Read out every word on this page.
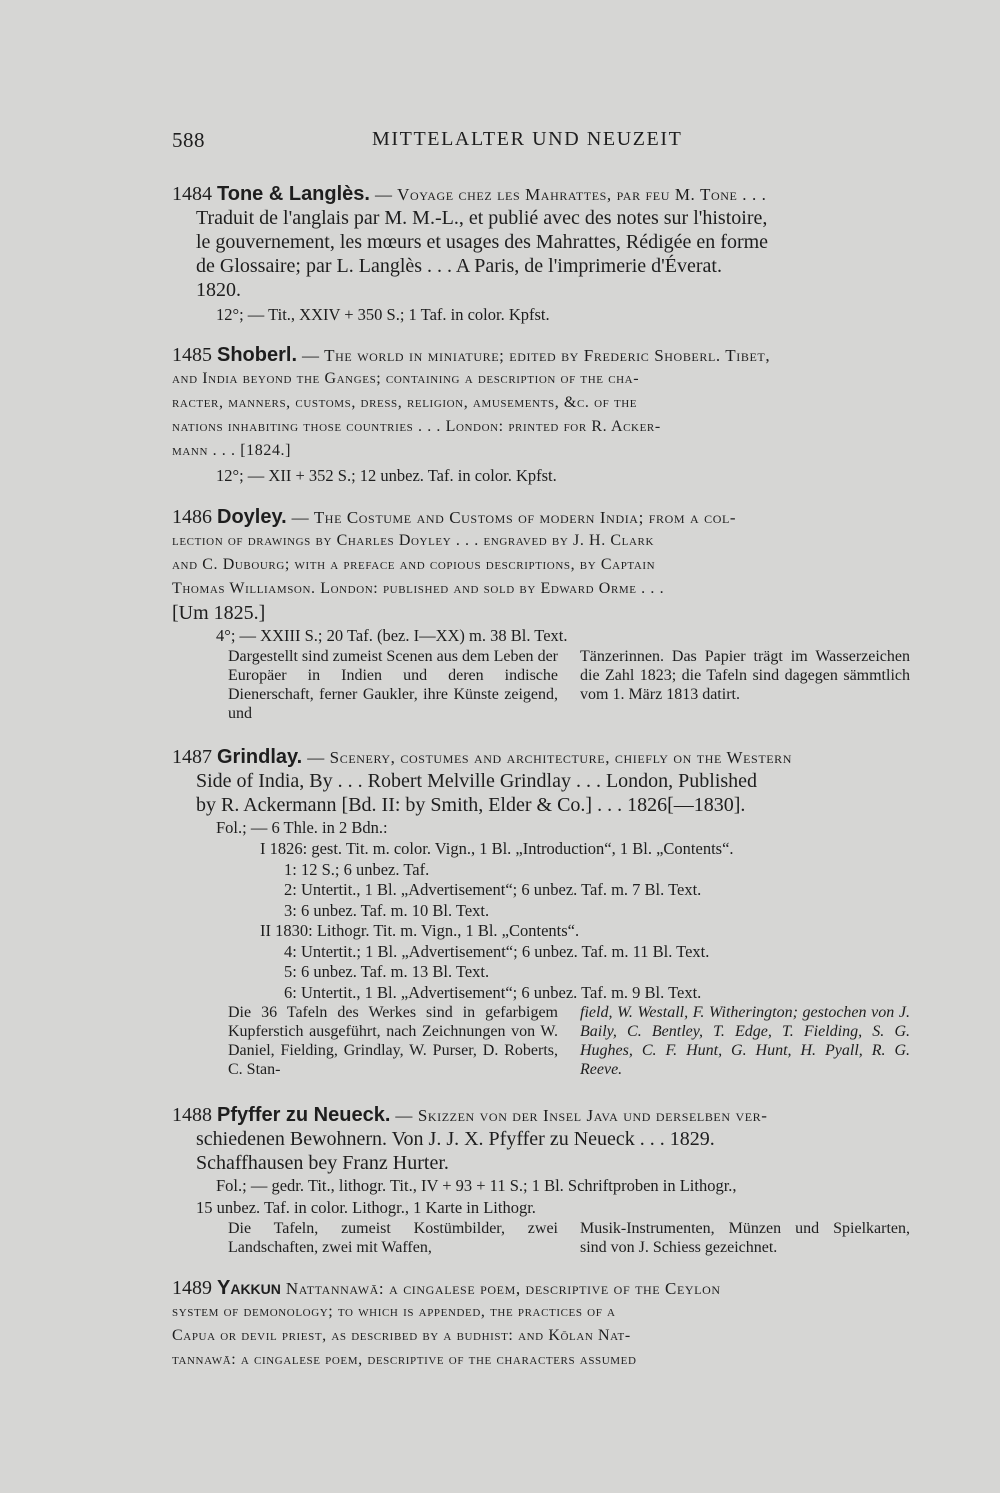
588	MITTELALTER UND NEUZEIT
1484 Tone & Langlès. — Voyage chez les Mahrattes, par feu M. Tone . . .
Traduit de l'anglais par M. M.-L., et publié avec des notes sur l'histoire,
le gouvernement, les mœurs et usages des Mahrattes, Rédigée en forme
de Glossaire; par L. Langlès . . . A Paris, de l'imprimerie d'Éverat.
1820.
12°; — Tit., XXIV + 350 S.; 1 Taf. in color. Kpfst.
1485 Shoberl. — The world in miniature; edited by Frederic Shoberl. Tibet,
and India beyond the Ganges; containing a description of the cha-
racter, manners, customs, dress, religion, amusements, &c. of the
nations inhabiting those countries . . . London: printed for R. Acker-
mann . . . [1824.]
12°; — XII + 352 S.; 12 unbez. Taf. in color. Kpfst.
1486 Doyley. — The Costume and Customs of modern India; from a col-
lection of drawings by Charles Doyley . . . engraved by J. H. Clark
and C. Dubourg; with a preface and copious descriptions, by Captain
Thomas Williamson. London: published and sold by Edward Orme . . .
[Um 1825.]
4°; — XXIII S.; 20 Taf. (bez. I—XX) m. 38 Bl. Text.

Dargestellt sind zumeist Scenen aus dem Leben der Europäer in Indien und deren indische Dienerschaft, ferner Gaukler, ihre Künste zeigend, und

Tänzerinnen. Das Papier trägt im Wasserzeichen die Zahl 1823; die Tafeln sind dagegen sämmtlich vom 1. März 1813 datirt.

1487 Grindlay. — Scenery, costumes and architecture, chiefly on the Western
Side of India, By . . . Robert Melville Grindlay . . . London, Published
by R. Ackermann [Bd. II: by Smith, Elder & Co.] . . . 1826[—1830].
Fol.; — 6 Thle. in 2 Bdn.:
I 1826: gest. Tit. m. color. Vign., 1 Bl. „Introduction“, 1 Bl. „Contents“.
1: 12 S.; 6 unbez. Taf.
2: Untertit., 1 Bl. „Advertisement“; 6 unbez. Taf. m. 7 Bl. Text.
3: 6 unbez. Taf. m. 10 Bl. Text.
II 1830: Lithogr. Tit. m. Vign., 1 Bl. „Contents“.
4: Untertit.; 1 Bl. „Advertisement“; 6 unbez. Taf. m. 11 Bl. Text.
5: 6 unbez. Taf. m. 13 Bl. Text.
6: Untertit., 1 Bl. „Advertisement“; 6 unbez. Taf. m. 9 Bl. Text.

Die 36 Tafeln des Werkes sind in gefarbigem Kupferstich ausgeführt, nach Zeichnungen von W. Daniel, Fielding, Grindlay, W. Purser, D. Roberts, C. Stan-

field, W. Westall, F. Witherington; gestochen von J. Baily, C. Bentley, T. Edge, T. Fielding, S. G. Hughes, C. F. Hunt, G. Hunt, H. Pyall, R. G. Reeve.

1488 Pfyffer zu Neueck. — Skizzen von der Insel Java und derselben ver-
schiedenen Bewohnern. Von J. J. X. Pfyffer zu Neueck . . . 1829.
Schaffhausen bey Franz Hurter.
Fol.; — gedr. Tit., lithogr. Tit., IV + 93 + 11 S.; 1 Bl. Schriftproben in Lithogr.,
15 unbez. Taf. in color. Lithogr., 1 Karte in Lithogr.

Die Tafeln, zumeist Kostümbilder, zwei Landschaften, zwei mit Waffen,

Musik-Instrumenten, Münzen und Spielkarten, sind von J. Schiess gezeichnet.

1489 Yakkun Nattannawā: a cingalese poem, descriptive of the Ceylon
system of demonology; to which is appended, the practices of a
Capua or devil priest, as described by a budhist: and Kōlan Nat-
tannawā: a cingalese poem, descriptive of the characters assumed
